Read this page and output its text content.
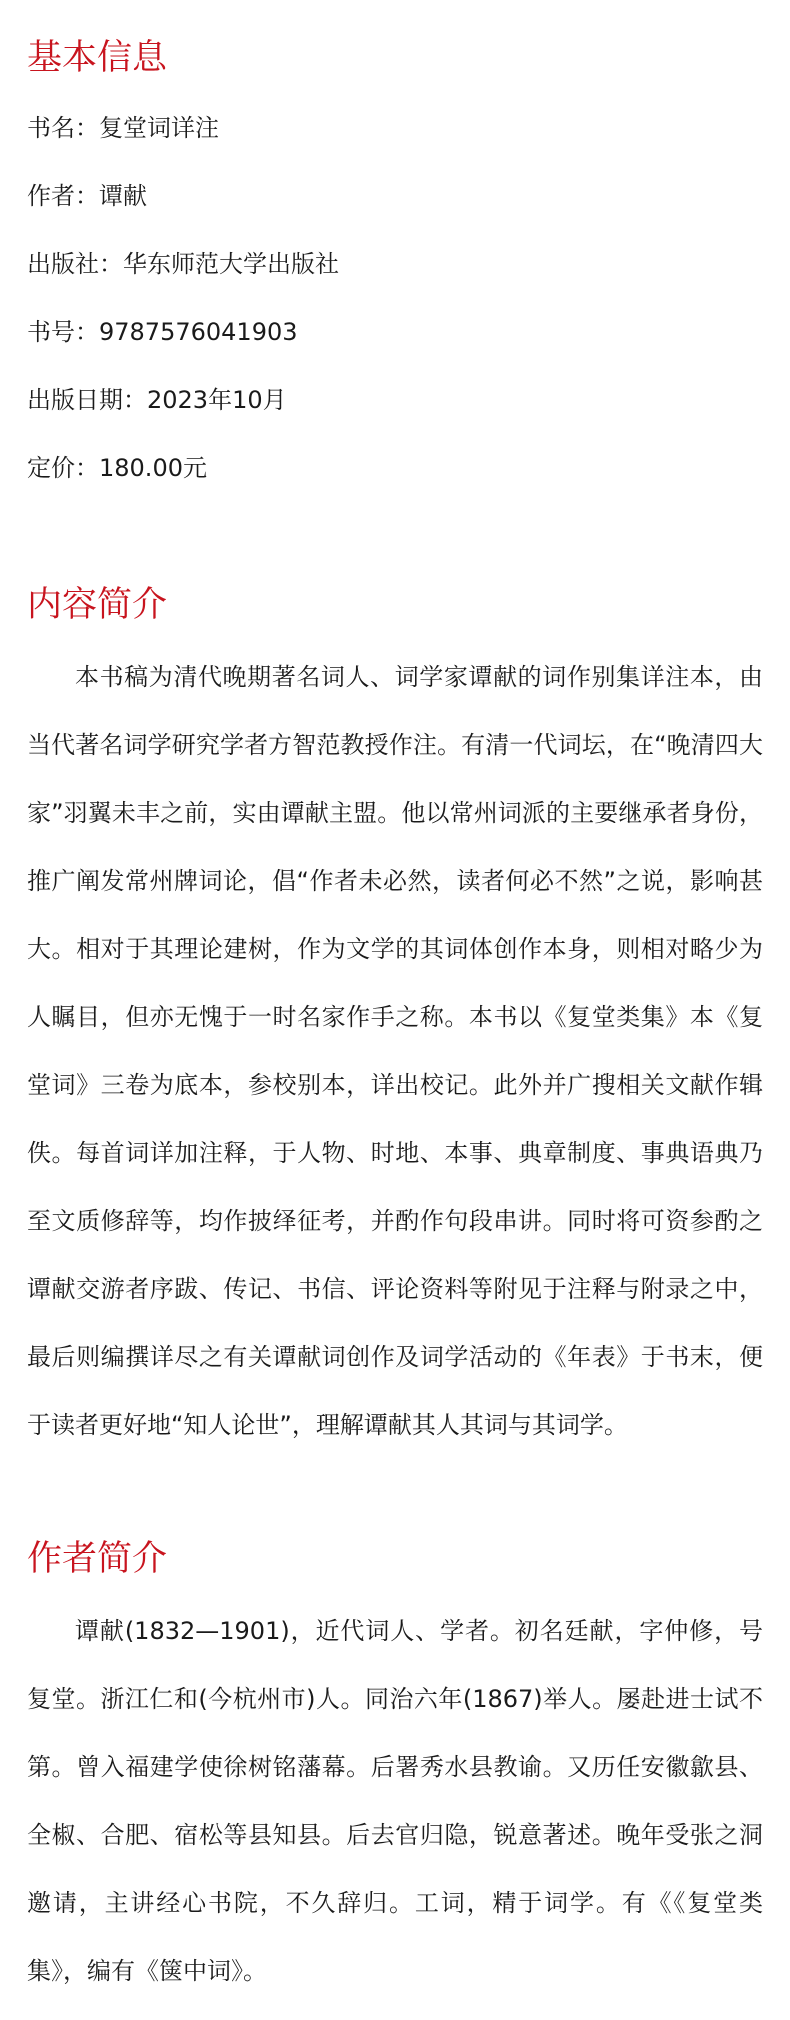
基本信息
书名：复堂词详注
作者：谭献
出版社：华东师范大学出版社
书号：9787576041903
出版日期：2023年10月
定价：180.00元
内容简介

本书稿为清代晚期著名词人、词学家谭献的词作别集详注本，由当代著名词学研究学者方智范教授作注。有清一代词坛，在“晚清四大家”羽翼未丰之前，实由谭献主盟。他以常州词派的主要继承者身份，推广阐发常州牌词论，倡“作者未必然，读者何必不然”之说，影响甚大。相对于其理论建树，作为文学的其词体创作本身，则相对略少为人瞩目，但亦无愧于一时名家作手之称。本书以《复堂类集》本《复堂词》三卷为底本，参校别本，详出校记。此外并广搜相关文献作辑佚。每首词详加注释，于人物、时地、本事、典章制度、事典语典乃至文质修辞等，均作披绎征考，并酌作句段串讲。同时将可资参酌之谭献交游者序跋、传记、书信、评论资料等附见于注释与附录之中，最后则编撰详尽之有关谭献词创作及词学活动的《年表》于书末，便于读者更好地“知人论世”，理解谭献其人其词与其词学。

作者简介

谭献(1832—1901)，近代词人、学者。初名廷献，字仲修，号复堂。浙江仁和(今杭州市)人。同治六年(1867)举人。屡赴进士试不第。曾入福建学使徐树铭藩幕。后署秀水县教谕。又历任安徽歙县、全椒、合肥、宿松等县知县。后去官归隐，锐意著述。晚年受张之洞邀请，主讲经心书院，不久辞归。工词，精于词学。有《《复堂类集》，编有《箧中词》。
